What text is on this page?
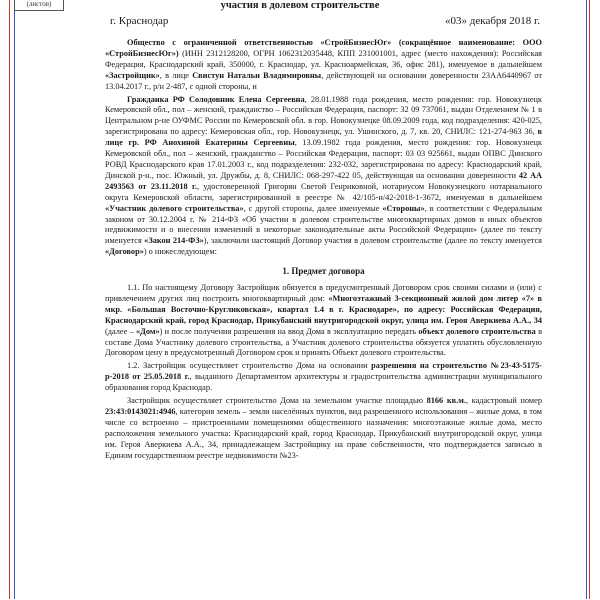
(листов)	участия в долевом строительстве
г. Краснодар	«03» декабря 2018 г.

Общество с ограниченной ответственностью «СтройБизнесЮг» (сокращённое наименование: ООО «СтройБизнесЮг») (ИНН 2312128200, ОГРН 1062312035448, КПП 231001001, адрес (место нахождения): Российская Федерация, Краснодарский край, 350000, г. Краснодар, ул. Красноармейская, 36, офис 281), именуемое в дальнейшем «Застройщик», в лице Свистун Натальи Владимировны, действующей на основании доверенности 23АА6440967 от 13.04.2017 г., р/н 2-487, с одной стороны, и

Гражданка РФ Солодовник Елена Сергеевна, 28.01.1988 года рождения, место рождения: гор. Новокузнецк Кемеровской обл., пол – женский, гражданство – Российская Федерация, паспорт: 32 09 737061, выдан Отделением № 1 в Центральном р-не ОУФМС России по Кемеровской обл. в гор. Новокузнецке 08.09.2009 года, код подразделения: 420-025, зарегистрирована по адресу: Кемеровская обл., гор. Новокузнецк, ул. Ушинского, д. 7, кв. 20, СНИЛС: 121-274-963 36, в лице гр. РФ Анохиной Екатерины Сергеевны, 13.09.1982 года рождения, место рождения: гор. Новокузнецк Кемеровской обл., пол – женский, гражданство – Российская Федерация, паспорт: 03 03 925661, выдан ОПВС Динского РОВД Краснодарского края 17.01.2003 г., код подразделения: 232-032, зарегистрирована по адресу: Краснодарский край, Динской р-н., пос. Южный, ул. Дружбы, д. 8, СНИЛС: 068-297-422 05, действующая на основании доверенности 42 АА 2493563 от 23.11.2018 г., удостоверенной Григорян Светой Генриковной, нотариусом Новокузнецкого нотариального округа Кемеровской области, зарегистрированной в реестре № 42/105-н/42-2018-1-3672, именуемая в дальнейшем «Участник долевого строительства», с другой стороны, далее именуемые «Стороны», в соответствии с Федеральным законом от 30.12.2004 г. № 214-ФЗ «Об участии в долевом строительстве многоквартирных домов и иных объектов недвижимости и о внесении изменений в некоторые законодательные акты Российской Федерации» (далее по тексту именуется «Закон 214-ФЗ»), заключили настоящий Договор участия в долевом строительстве (далее по тексту именуется «Договор») о нижеследующем:

1. Предмет договора

1.1. По настоящему Договору Застройщик обязуется в предусмотренный Договором срок своими силами и (или) с привлечением других лиц построить многоквартирный дом: «Многоэтажный 3-секционный жилой дом литер «7» в мкр. «Большая Восточно-Кругликовская», квартал 1.4 в г. Краснодаре», по адресу: Российская Федерация, Краснодарский край, город Краснодар, Прикубанский внутригородской округ, улица им. Героя Аверкиева А.А., 34 (далее – «Дом») и после получения разрешения на ввод Дома в эксплуатацию передать объект долевого строительства в составе Дома Участнику долевого строительства, а Участник долевого строительства обязуется уплатить обусловленную Договором цену в предусмотренный Договором срок и принять Объект долевого строительства.

1.2. Застройщик осуществляет строительство Дома на основании разрешения на строительство №23-43-5175-р-2018 от 25.05.2018 г., выданного Департаментом архитектуры и градостроительства администрации муниципального образования город Краснодар.

Застройщик осуществляет строительство Дома на земельном участке площадью 8166 кв.м., кадастровый номер 23:43:0143021:4946, категория земель – земли населённых пунктов, вид разрешенного использования – жилые дома, в том числе со встроенно – пристроенными помещениями общественного назначения: многоэтажные жилые дома, место расположения земельного участка: Краснодарский край, город Краснодар, Прикубанский внутригородской округ, улица им. Героя Аверкиева А.А., 34, принадлежащем Застройщику на праве собственности, что подтверждается записью в Едином государственном реестре недвижимости №23-
